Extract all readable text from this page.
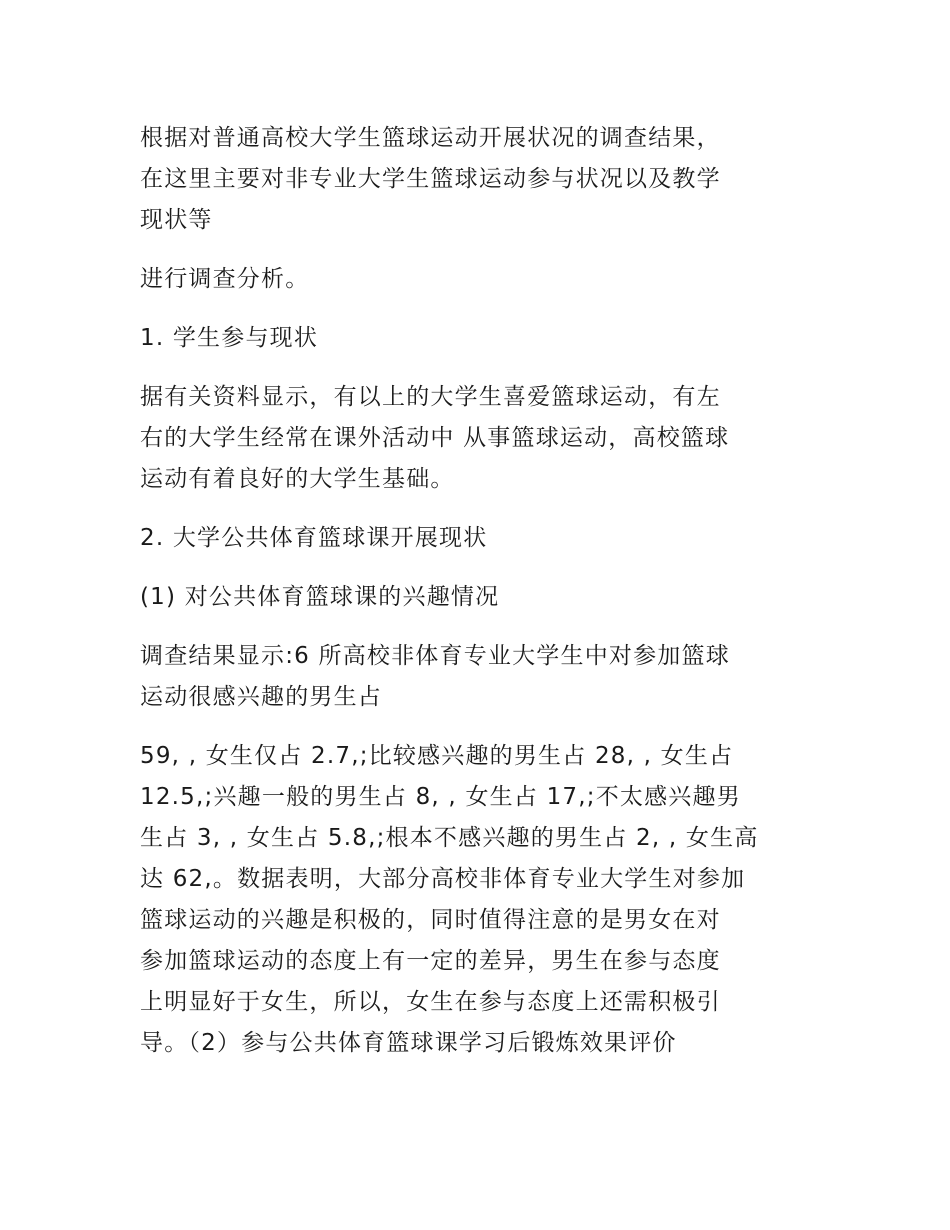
根据对普通高校大学生篮球运动开展状况的调查结果，
在这里主要对非专业大学生篮球运动参与状况以及教学
现状等

进行调查分析。

1. 学生参与现状

据有关资料显示，有以上的大学生喜爱篮球运动，有左
右的大学生经常在课外活动中 从事篮球运动，高校篮球
运动有着良好的大学生基础。

2. 大学公共体育篮球课开展现状

(1) 对公共体育篮球课的兴趣情况

调查结果显示:6 所高校非体育专业大学生中对参加篮球
运动很感兴趣的男生占

59, , 女生仅占 2.7,;比较感兴趣的男生占 28, , 女生占
12.5,;兴趣一般的男生占 8, , 女生占 17,;不太感兴趣男
生占 3, , 女生占 5.8,;根本不感兴趣的男生占 2, , 女生高
达 62,。数据表明，大部分高校非体育专业大学生对参加
篮球运动的兴趣是积极的，同时值得注意的是男女在对
参加篮球运动的态度上有一定的差异，男生在参与态度
上明显好于女生，所以，女生在参与态度上还需积极引
导。（2）参与公共体育篮球课学习后锻炼效果评价
